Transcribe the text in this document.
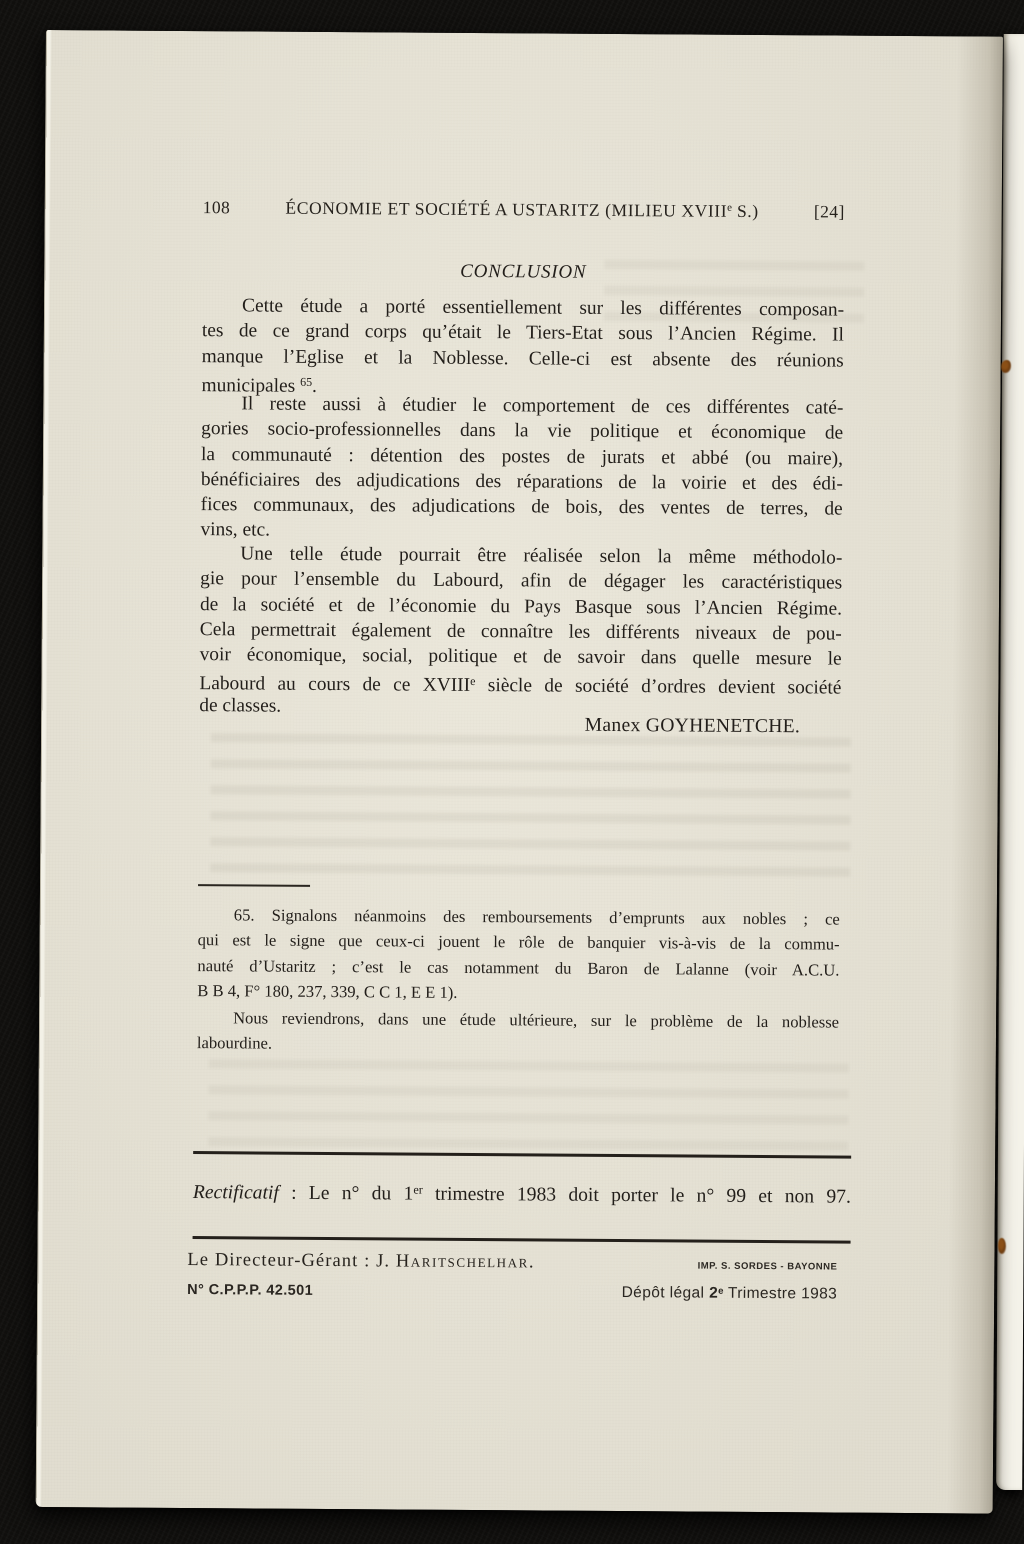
108	ÉCONOMIE ET SOCIÉTÉ A USTARITZ (MILIEU XVIIIe S.)	[24]
CONCLUSION
Cette étude a porté essentiellement sur les différentes composan-
tes de ce grand corps qu’était le Tiers-Etat sous l’Ancien Régime. Il
manque l’Eglise et la Noblesse. Celle-ci est absente des réunions
municipales $^{65}$.
Il reste aussi à étudier le comportement de ces différentes caté-
gories socio-professionnelles dans la vie politique et économique de
la communauté : détention des postes de jurats et abbé (ou maire),
bénéficiaires des adjudications des réparations de la voirie et des édi-
fices communaux, des adjudications de bois, des ventes de terres, de
vins, etc.
Une telle étude pourrait être réalisée selon la même méthodolo-
gie pour l’ensemble du Labourd, afin de dégager les caractéristiques
de la société et de l’économie du Pays Basque sous l’Ancien Régime.
Cela permettrait également de connaître les différents niveaux de pou-
voir économique, social, politique et de savoir dans quelle mesure le
Labourd au cours de ce XVIIIe siècle de société d’ordres devient société
de classes.
Manex GOYHENETCHE.
65. Signalons néanmoins des remboursements d’emprunts aux nobles ; ce
qui est le signe que ceux-ci jouent le rôle de banquier vis-à-vis de la commu-
nauté d’Ustaritz ; c’est le cas notamment du Baron de Lalanne (voir A.C.U.
B B 4, F° 180, 237, 339, C C 1, E E 1).
Nous reviendrons, dans une étude ultérieure, sur le problème de la noblesse
labourdine.
Rectificatif : Le n° du 1er trimestre 1983 doit porter le n° 99 et non 97.
Le Directeur-Gérant : J. Haritschelhar.	IMP. S. SORDES - BAYONNE
N° C.P.P.P. 42.501	Dépôt légal 2e Trimestre 1983
